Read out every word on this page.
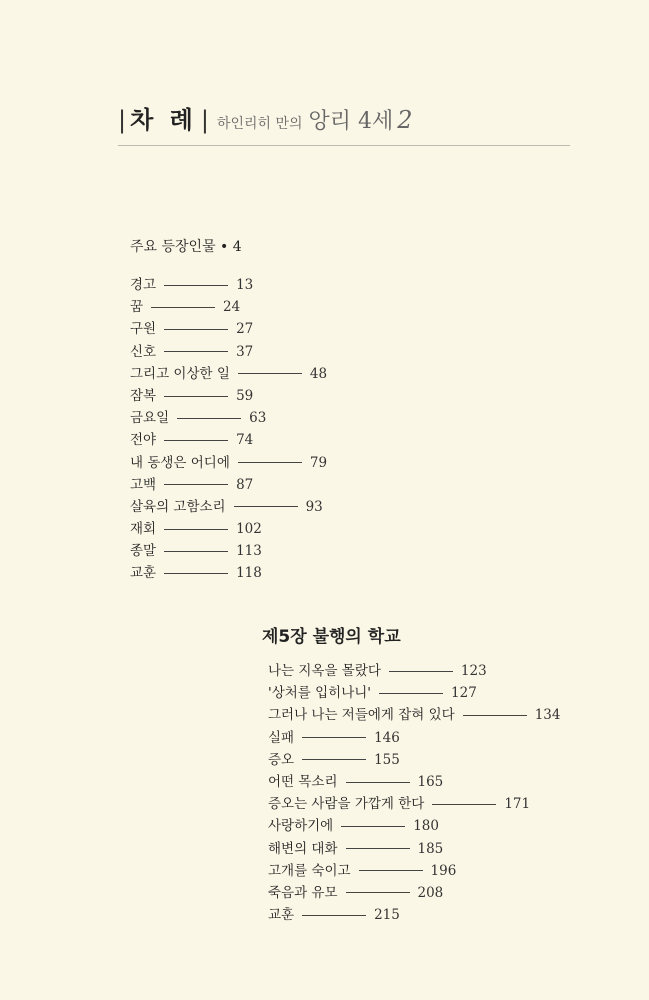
| 차 례 | 하인리히 만의 앙리 4세 2
주요 등장인물 • 4
경고	13
꿈	24
구원	27
신호	37
그리고 이상한 일	48
잠복	59
금요일	63
전야	74
내 동생은 어디에	79
고백	87
살육의 고함소리	93
재회	102
종말	113
교훈	118
제5장 불행의 학교
나는 지옥을 몰랐다	123
'상처를 입히나니'	127
그러나 나는 저들에게 잡혀 있다	134
실패	146
증오	155
어떤 목소리	165
증오는 사람을 가깝게 한다	171
사랑하기에	180
해변의 대화	185
고개를 숙이고	196
죽음과 유모	208
교훈	215
